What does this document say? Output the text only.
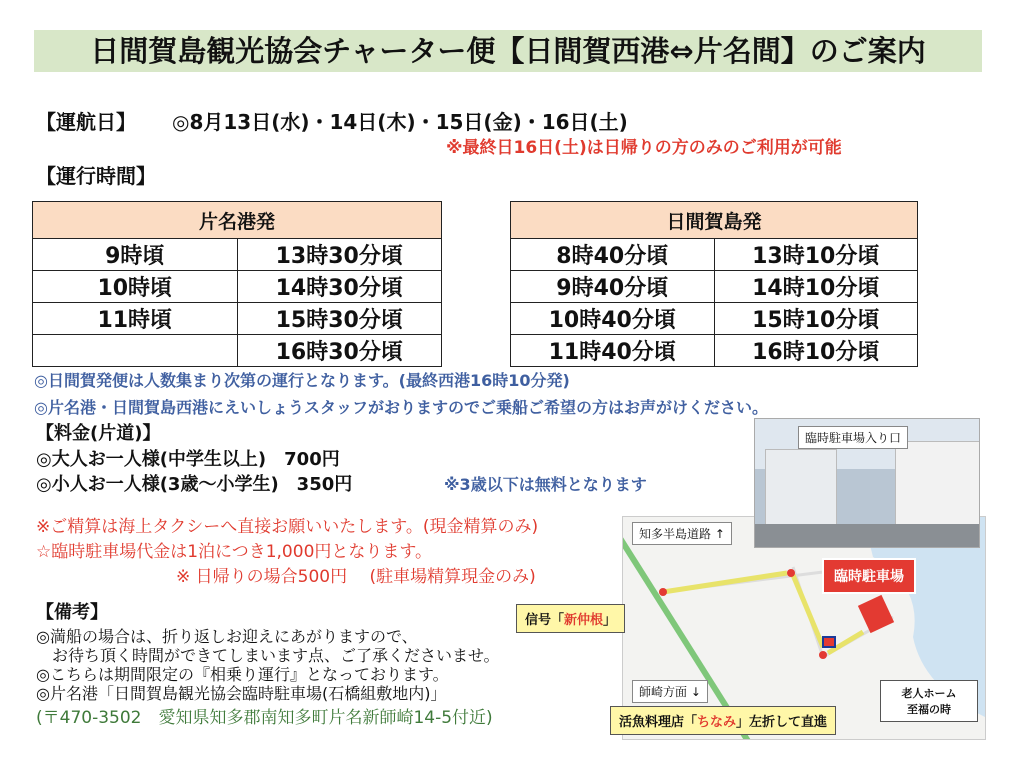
日間賀島観光協会チャーター便【日間賀西港⇔片名間】のご案内
【運航日】 ◎8月13日(水)・14日(木)・15日(金)・16日(土)
※最終日16日(土)は日帰りの方のみのご利用が可能
【運行時間】
片名港発	
9時頃	13時30分頃
10時頃	14時30分頃
11時頃	15時30分頃
	16時30分頃
日間賀島発	
8時40分頃	13時10分頃
9時40分頃	14時10分頃
10時40分頃	15時10分頃
11時40分頃	16時10分頃
◎日間賀発便は人数集まり次第の運行となります。(最終西港16時10分発)
◎片名港・日間賀島西港にえいしょうスタッフがおりますのでご乗船ご希望の方はお声がけください。
【料金(片道)】
◎大人お一人様(中学生以上)　700円
◎小人お一人様(3歳～小学生)　350円	※3歳以下は無料となります
※ご精算は海上タクシーへ直接お願いいたします。(現金精算のみ)
☆臨時駐車場代金は1泊につき1,000円となります。
※ 日帰りの場合500円　 (駐車場精算現金のみ)
【備考】
◎満船の場合は、折り返しお迎えにあがりますので、
　お待ち頂く時間ができてしまいます点、ご了承くださいませ。
◎こちらは期間限定の『相乗り運行』となっております。
◎片名港「日間賀島観光協会臨時駐車場(石橋組敷地内)」
(〒470-3502　愛知県知多郡南知多町片名新師崎14-5付近)
臨時駐車場入り口
知多半島道路 ↑
師崎方面 ↓
臨時駐車場
信号「新仲根」
活魚料理店「ちなみ」左折して直進
老人ホーム
至福の時
